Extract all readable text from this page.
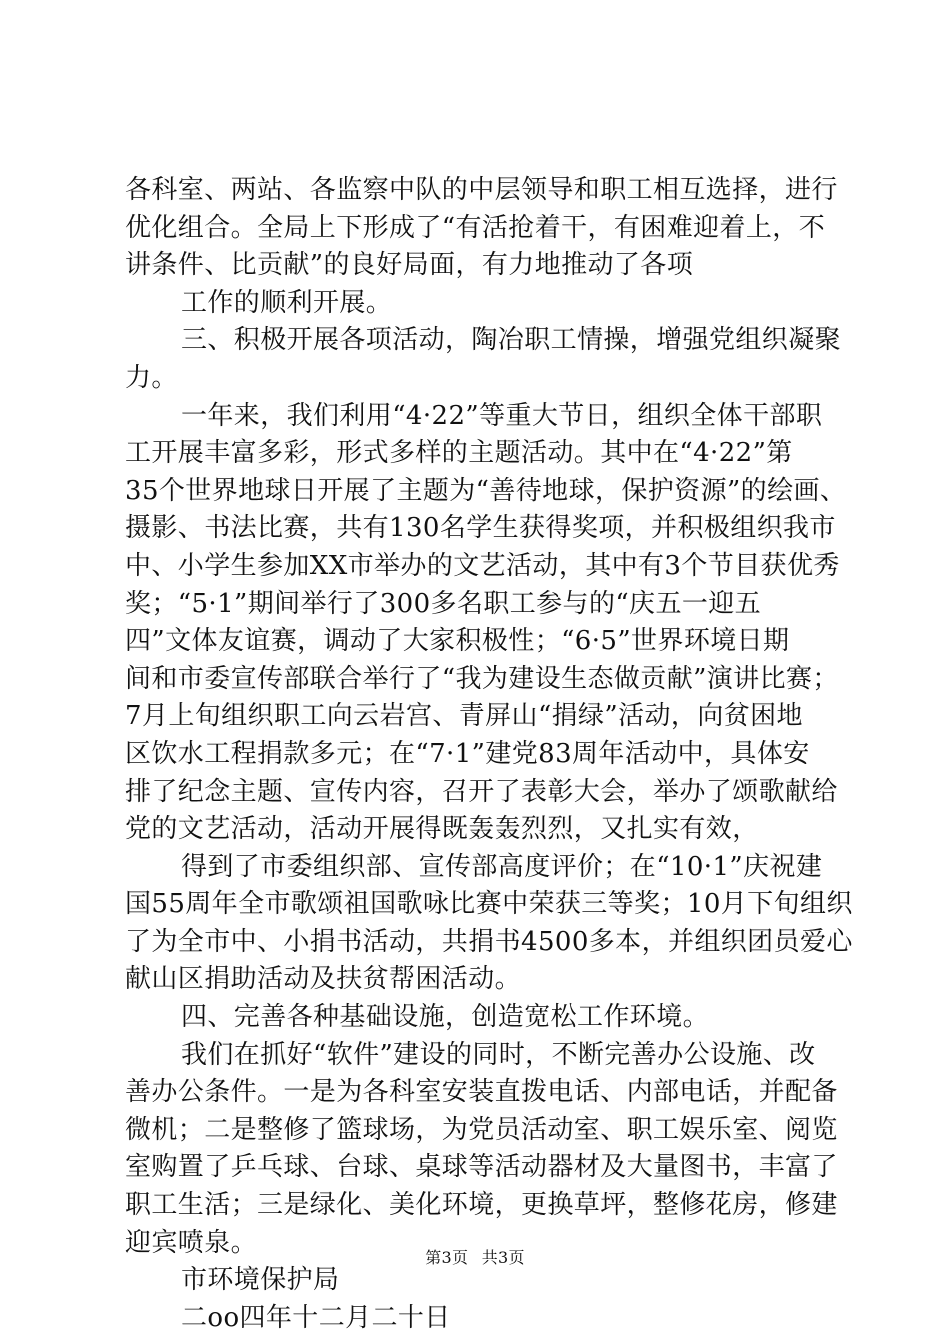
各科室、两站、各监察中队的中层领导和职工相互选择，进行
优化组合。全局上下形成了“有活抢着干，有困难迎着上，不
讲条件、比贡献”的良好局面，有力地推动了各项
工作的顺利开展。
三、积极开展各项活动，陶冶职工情操，增强党组织凝聚
力。
一年来，我们利用“4·22”等重大节日，组织全体干部职
工开展丰富多彩，形式多样的主题活动。其中在“4·22”第
35个世界地球日开展了主题为“善待地球，保护资源”的绘画、
摄影、书法比赛，共有130名学生获得奖项，并积极组织我市
中、小学生参加XX市举办的文艺活动，其中有3个节目获优秀
奖；“5·1”期间举行了300多名职工参与的“庆五一迎五
四”文体友谊赛，调动了大家积极性；“6·5”世界环境日期
间和市委宣传部联合举行了“我为建设生态做贡献”演讲比赛；
7月上旬组织职工向云岩宫、青屏山“捐绿”活动，向贫困地
区饮水工程捐款多元；在“7·1”建党83周年活动中，具体安
排了纪念主题、宣传内容，召开了表彰大会，举办了颂歌献给
党的文艺活动，活动开展得既轰轰烈烈，又扎实有效，
得到了市委组织部、宣传部高度评价；在“10·1”庆祝建
国55周年全市歌颂祖国歌咏比赛中荣获三等奖；10月下旬组织
了为全市中、小捐书活动，共捐书4500多本，并组织团员爱心
献山区捐助活动及扶贫帮困活动。
四、完善各种基础设施，创造宽松工作环境。
我们在抓好“软件”建设的同时，不断完善办公设施、改
善办公条件。一是为各科室安装直拨电话、内部电话，并配备
微机；二是整修了篮球场，为党员活动室、职工娱乐室、阅览
室购置了乒乓球、台球、桌球等活动器材及大量图书，丰富了
职工生活；三是绿化、美化环境，更换草坪，整修花房，修建
迎宾喷泉。
市环境保护局
二oo四年十二月二十日
第3页 共3页
